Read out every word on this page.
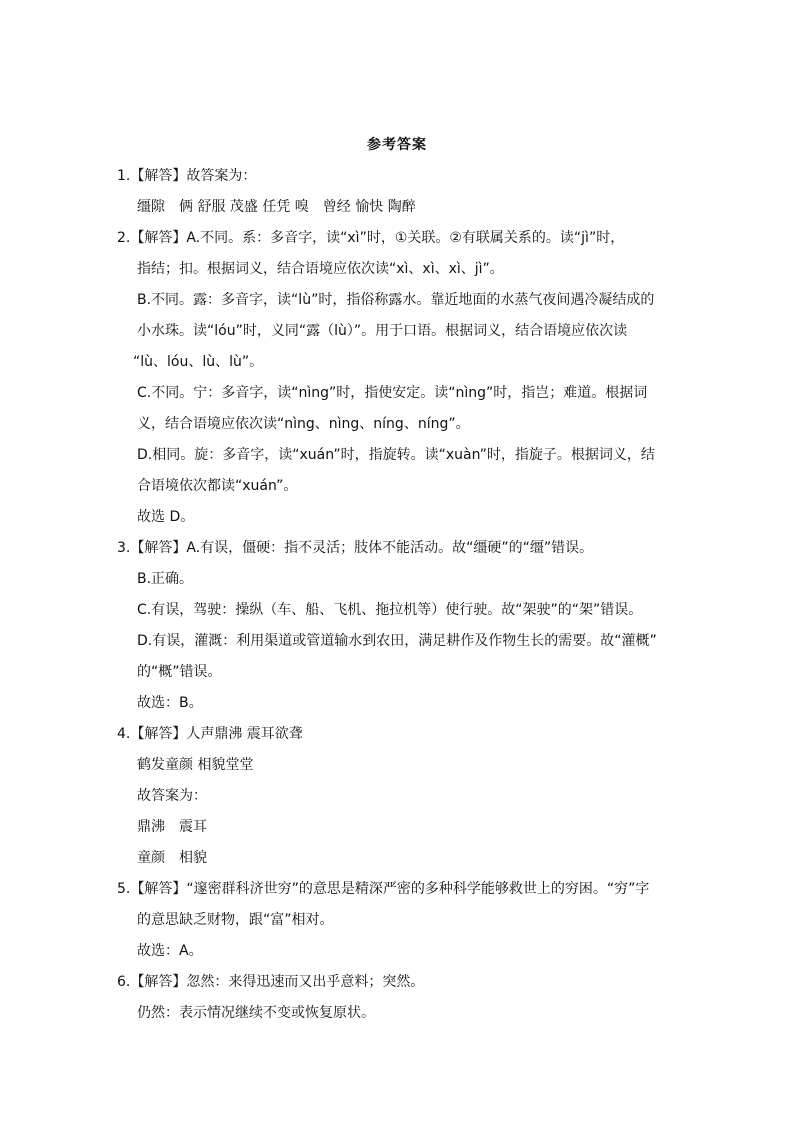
参考答案
1.【解答】故答案为：
缰隙　俩 舒服 茂盛 任凭 嗅　曾经 愉快 陶醉
2.【解答】A.不同。系：多音字，读“xì”时，①关联。②有联属关系的。读“jì”时，
指结；扣。根据词义，结合语境应依次读“xì、xì、xì、jì”。
B.不同。露：多音字，读“lù”时，指俗称露水。靠近地面的水蒸气夜间遇冷凝结成的
小水珠。读“lóu”时，义同“露（lù）”。用于口语。根据词义，结合语境应依次读
“lù、lóu、lù、lù”。
C.不同。宁：多音字，读“nìng”时，指使安定。读“nìng”时，指岂；难道。根据词
义，结合语境应依次读“nìng、nìng、níng、níng”。
D.相同。旋：多音字，读“xuán”时，指旋转。读“xuàn”时，指旋子。根据词义，结
合语境依次都读“xuán”。
故选 D。
3.【解答】A.有误，僵硬：指不灵活；肢体不能活动。故“缰硬”的“缰”错误。
B.正确。
C.有误，驾驶：操纵（车、船、飞机、拖拉机等）使行驶。故“架驶”的“架”错误。
D.有误，灌溉：利用渠道或管道输水到农田，满足耕作及作物生长的需要。故“灌概”
的“概”错误。
故选：B。
4.【解答】人声鼎沸 震耳欲聋
鹤发童颜 相貌堂堂
故答案为：
鼎沸　震耳
童颜　相貌
5.【解答】“邃密群科济世穷”的意思是精深严密的多种科学能够救世上的穷困。“穷”字
的意思缺乏财物，跟“富”相对。
故选：A。
6.【解答】忽然：来得迅速而又出乎意料；突然。
仍然：表示情况继续不变或恢复原状。
